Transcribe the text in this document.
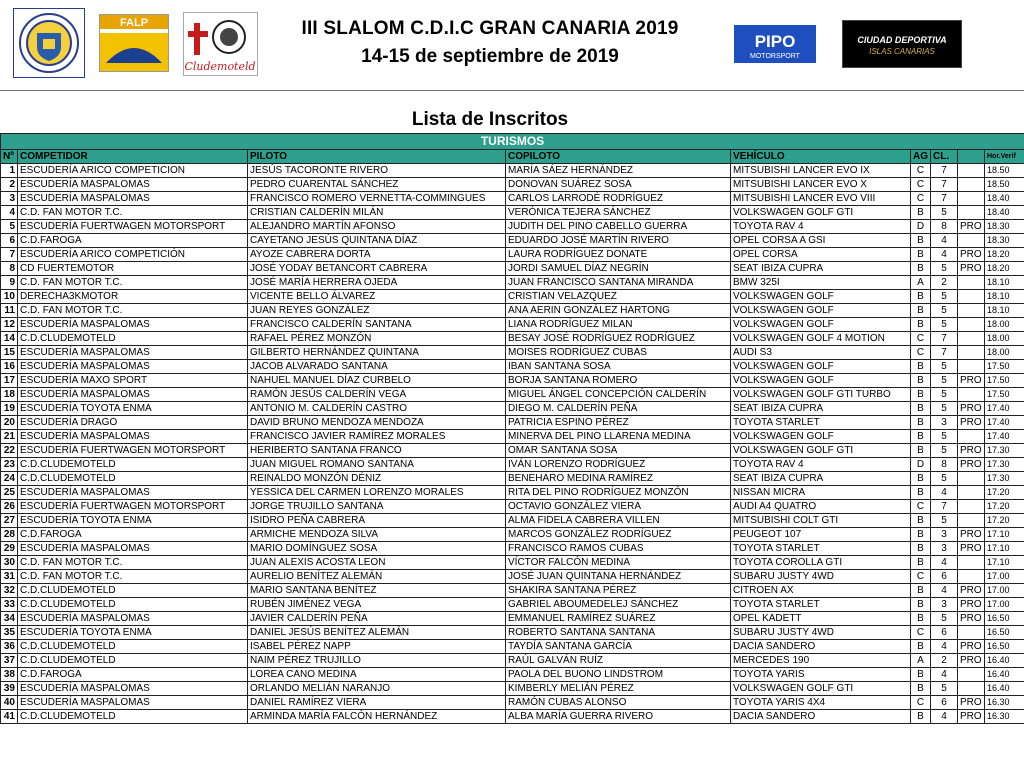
FALP
Cludemoteld
PIPO
MOTORSPORT
CIUDAD DEPORTIVA
ISLAS CANARIAS
III SLALOM C.D.I.C GRAN CANARIA 2019
14-15 de septiembre de 2019
Lista de Inscritos
TURISMOS								
Nº	COMPETIDOR	PILOTO	COPILOTO	VEHÍCULO	AG	CL.		Hor.Verif
1	ESCUDERÍA ARICO COMPETICION	JESÚS TACORONTE RIVERO	MARÍA SÁEZ HERNÁNDEZ	MITSUBISHI LANCER EVO IX	C	7		18.50
2	ESCUDERÍA MASPALOMAS	PEDRO CUARENTAL SÁNCHEZ	DONOVAN SUÁREZ SOSA	MITSUBISHI LANCER EVO X	C	7		18.50
3	ESCUDERÍA MASPALOMAS	FRANCISCO ROMERO VERNETTA-COMMINGUES	CARLOS LARRODÉ RODRÍGUEZ	MITSUBISHI LANCER EVO VIII	C	7		18.40
4	C.D. FAN MOTOR T.C.	CRISTIAN CALDERÍN MILÁN	VERÓNICA TEJERA SÁNCHEZ	VOLKSWAGEN GOLF GTI	B	5		18.40
5	ESCUDERÍA FUERTWAGEN MOTORSPORT	ALEJANDRO MARTÍN AFONSO	JUDITH DEL PINO CABELLO GUERRA	TOYOTA RAV 4	D	8	PRO	18.30
6	C.D.FAROGA	CAYETANO JESÚS QUINTANA DÍAZ	EDUARDO JOSÉ MARTÍN RIVERO	OPEL CORSA A GSI	B	4		18.30
7	ESCUDERÍA ARICO COMPETICIÓN	AYOZE CABRERA DORTA	LAURA RODRÍGUEZ DONATE	OPEL CORSA	B	4	PRO	18.20
8	CD FUERTEMOTOR	JOSÉ YODAY BETANCORT CABRERA	JORDI SAMUEL DÍAZ NEGRÍN	SEAT IBIZA CUPRA	B	5	PRO	18.20
9	C.D. FAN MOTOR T.C.	JOSÉ MARÍA HERRERA OJEDA	JUAN FRANCISCO SANTANA MIRANDA	BMW 325I	A	2		18.10
10	DERECHA3KMOTOR	VICENTE BELLO ÁLVAREZ	CRISTIAN VELAZQUEZ	VOLKSWAGEN GOLF	B	5		18.10
11	C.D. FAN MOTOR T.C.	JUAN REYES GONZÁLEZ	ANA AERIN GONZÁLEZ HARTONG	VOLKSWAGEN GOLF	B	5		18.10
12	ESCUDERÍA MASPALOMAS	FRANCISCO CALDERÍN SANTANA	LIANA RODRÍGUEZ MILAN	VOLKSWAGEN GOLF	B	5		18.00
14	C.D.CLUDEMOTELD	RAFAEL PÉREZ MONZÓN	BESAY JOSÉ RODRÍGUEZ RODRÍGUEZ	VOLKSWAGEN GOLF 4 MOTION	C	7		18.00
15	ESCUDERÍA MASPALOMAS	GILBERTO HERNÁNDEZ QUINTANA	MOISES RODRÍGUEZ CUBAS	AUDI S3	C	7		18.00
16	ESCUDERÍA MASPALOMAS	JACOB ALVARADO SANTANA	IBAN SANTANA SOSA	VOLKSWAGEN GOLF	B	5		17.50
17	ESCUDERÍA MAXO SPORT	NAHUEL MANUEL DÍAZ CURBELO	BORJA SANTANA ROMERO	VOLKSWAGEN GOLF	B	5	PRO	17.50
18	ESCUDERÍA MASPALOMAS	RAMÓN JESÚS CALDERÍN VEGA	MIGUEL ÁNGEL CONCEPCIÓN CALDERÍN	VOLKSWAGEN GOLF GTI TURBO	B	5		17.50
19	ESCUDERÍA TOYOTA ENMA	ANTONIO M. CALDERÍN CASTRO	DIEGO M. CALDERÍN PEÑA	SEAT IBIZA CUPRA	B	5	PRO	17.40
20	ESCUDERÍA DRAGO	DAVID BRUNO MENDOZA MENDOZA	PATRICIA ESPINO PÉREZ	TOYOTA STARLET	B	3	PRO	17.40
21	ESCUDERÍA MASPALOMAS	FRANCISCO JAVIER RAMÍREZ MORALES	MINERVA DEL PINO LLARENA MEDINA	VOLKSWAGEN GOLF	B	5		17.40
22	ESCUDERÍA FUERTWAGEN MOTORSPORT	HERIBERTO SANTANA FRANCO	OMAR SANTANA SOSA	VOLKSWAGEN GOLF GTI	B	5	PRO	17.30
23	C.D.CLUDEMOTELD	JUAN MIGUEL ROMANO SANTANA	IVÁN LORENZO RODRÍGUEZ	TOYOTA RAV 4	D	8	PRO	17.30
24	C.D.CLUDEMOTELD	REINALDO MONZÓN DÉNIZ	BENEHARO MEDINA RAMÍREZ	SEAT IBIZA CUPRA	B	5		17.30
25	ESCUDERÍA MASPALOMAS	YESSICA DEL CARMEN LORENZO MORALES	RITA DEL PINO RODRÍGUEZ MONZÓN	NISSAN MICRA	B	4		17.20
26	ESCUDERÍA FUERTWAGEN MOTORSPORT	JORGE TRUJILLO SANTANA	OCTAVIO GONZÁLEZ VIERA	AUDI A4 QUATRO	C	7		17.20
27	ESCUDERÍA TOYOTA ENMA	ISIDRO PEÑA CABRERA	ALMA FIDELA CABRERA VILLEN	MITSUBISHI COLT GTI	B	5		17.20
28	C.D.FAROGA	ARMICHE MENDOZA SILVA	MARCOS GONZÁLEZ RODRÍGUEZ	PEUGEOT 107	B	3	PRO	17.10
29	ESCUDERÍA MASPALOMAS	MARIO DOMÍNGUEZ SOSA	FRANCISCO RAMOS CUBAS	TOYOTA STARLET	B	3	PRO	17.10
30	C.D. FAN MOTOR T.C.	JUAN ALEXIS ACOSTA LEON	VÍCTOR FALCÓN MEDINA	TOYOTA COROLLA GTI	B	4		17.10
31	C.D. FAN MOTOR T.C.	AURELIO BENÍTEZ ALEMÁN	JOSÉ JUAN QUINTANA HERNÁNDEZ	SUBARU JUSTY 4WD	C	6		17.00
32	C.D.CLUDEMOTELD	MARIO SANTANA BENÍTEZ	SHAKIRA SANTANA PÉREZ	CITROEN AX	B	4	PRO	17.00
33	C.D.CLUDEMOTELD	RUBÉN JIMÉNEZ VEGA	GABRIEL ABOUMEDELEJ SÁNCHEZ	TOYOTA STARLET	B	3	PRO	17.00
34	ESCUDERÍA MASPALOMAS	JAVIER CALDERÍN PEÑA	EMMANUEL RAMÍREZ SUÁREZ	OPEL KADETT	B	5	PRO	16.50
35	ESCUDERÍA TOYOTA ENMA	DANIEL JESÚS BENÍTEZ ALEMÁN	ROBERTO SANTANA SANTANA	SUBARU JUSTY 4WD	C	6		16.50
36	C.D.CLUDEMOTELD	ISABEL PÉREZ NAPP	TAYDÍA SANTANA GARCÍA	DACIA SANDERO	B	4	PRO	16.50
37	C.D.CLUDEMOTELD	NAIM PÉREZ TRUJILLO	RAÚL GALVÁN RUÍZ	MERCEDES 190	A	2	PRO	16.40
38	C.D.FAROGA	LOREA CANO MEDINA	PAOLA DEL BUONO LINDSTROM	TOYOTA YARIS	B	4		16.40
39	ESCUDERÍA MASPALOMAS	ORLANDO MELIÁN NARANJO	KIMBERLY MELIÁN PÉREZ	VOLKSWAGEN GOLF GTI	B	5		16.40
40	ESCUDERÍA MASPALOMAS	DANIEL RAMÍREZ VIERA	RAMÓN CUBAS ALONSO	TOYOTA YARIS 4X4	C	6	PRO	16.30
41	C.D.CLUDEMOTELD	ARMINDA MARÍA FALCÓN HERNÁNDEZ	ALBA MARÍA GUERRA RIVERO	DACIA SANDERO	B	4	PRO	16.30
